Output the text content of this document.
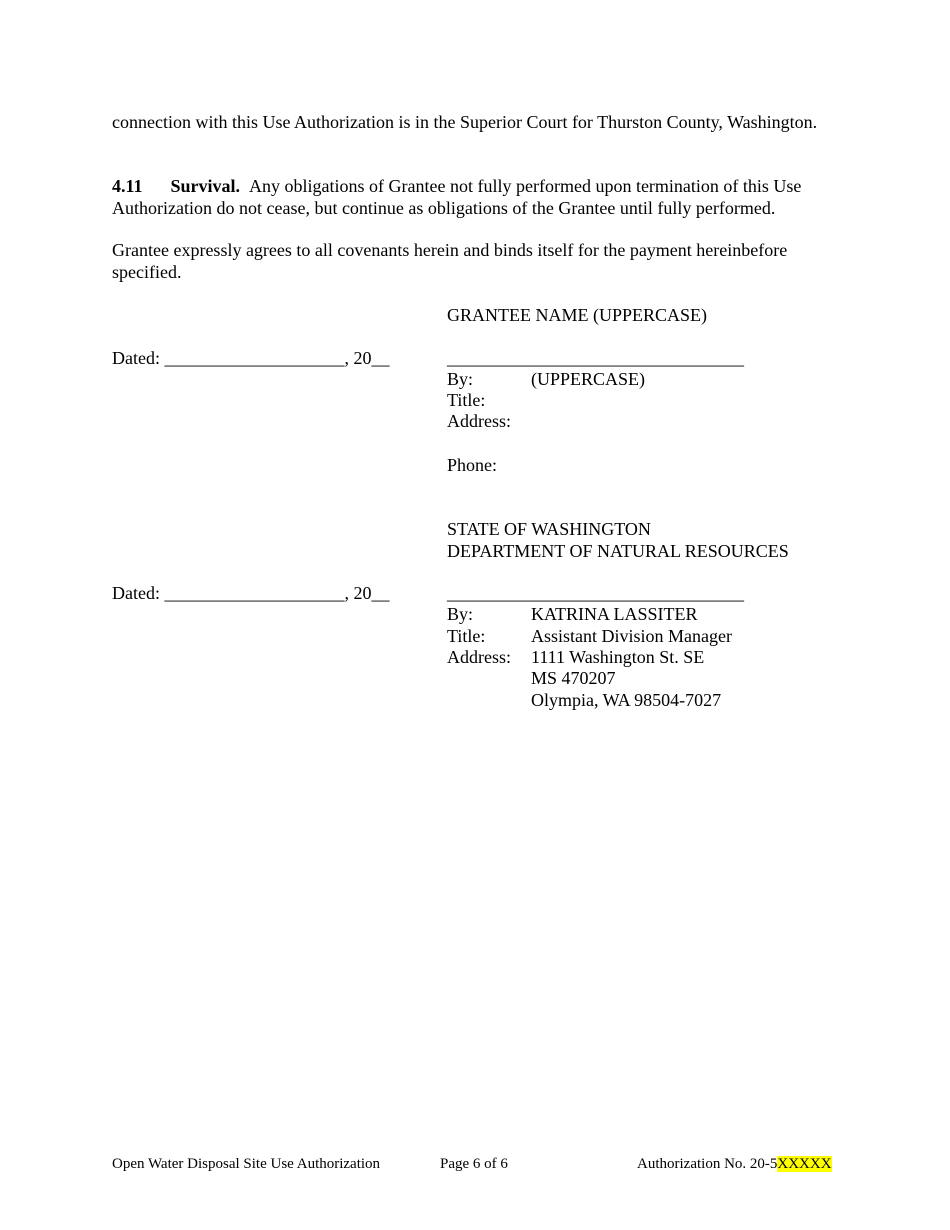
connection with this Use Authorization is in the Superior Court for Thurston County, Washington.
4.11 Survival. Any obligations of Grantee not fully performed upon termination of this Use Authorization do not cease, but continue as obligations of the Grantee until fully performed.
Grantee expressly agrees to all covenants herein and binds itself for the payment hereinbefore specified.
GRANTEE NAME (UPPERCASE)
Dated: ____________________, 20__	_________________________________
By:	(UPPERCASE)
Title:
Address:
Phone:
STATE OF WASHINGTON
DEPARTMENT OF NATURAL RESOURCES
Dated: ____________________, 20__	_________________________________
By:	KATRINA LASSITER
Title:	Assistant Division Manager
Address: 1111 Washington St. SE
MS 470207
Olympia, WA 98504-7027
Open Water Disposal Site Use Authorization	Page 6 of 6	Authorization No. 20-5XXXXX
